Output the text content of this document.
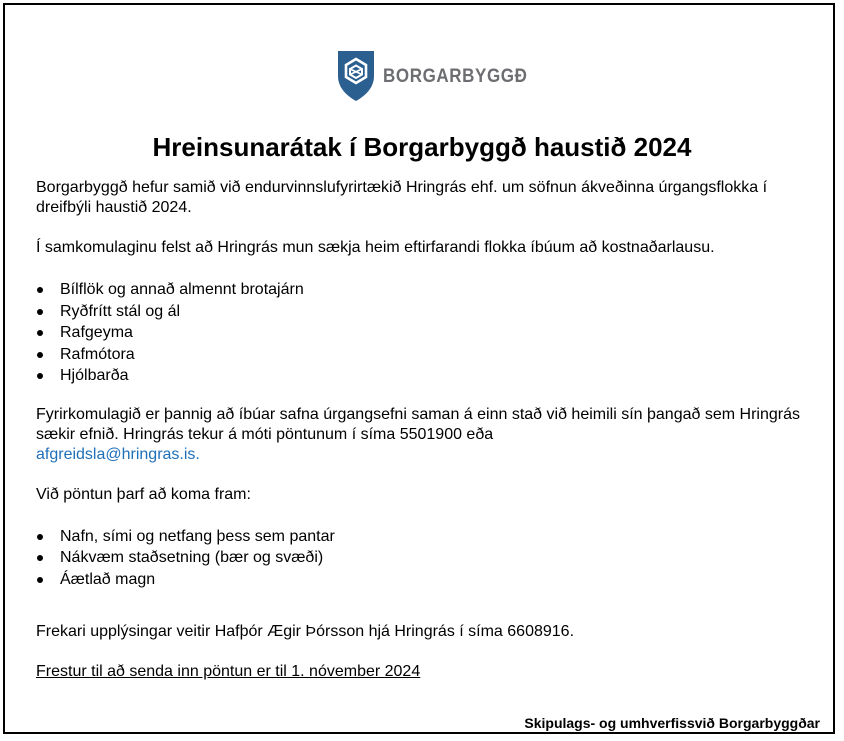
BORGARBYGGÐ
Hreinsunarátak í Borgarbyggð haustið 2024

Borgarbyggð hefur samið við endurvinnslufyrirtækið Hringrás ehf. um söfnun ákveðinna úrgangsflokka í dreifbýli haustið 2024.

Í samkomulaginu felst að Hringrás mun sækja heim eftirfarandi flokka íbúum að kostnaðarlausu.

Bílflök og annað almennt brotajárn
Ryðfrítt stál og ál
Rafgeyma
Rafmótora
Hjólbarða

Fyrirkomulagið er þannig að íbúar safna úrgangsefni saman á einn stað við heimili sín þangað sem Hringrás sækir efnið. Hringrás tekur á móti pöntunum í síma 5501900 eða
afgreidsla@hringras.is.

Við pöntun þarf að koma fram:

Nafn, sími og netfang þess sem pantar
Nákvæm staðsetning (bær og svæði)
Áætlað magn

Frekari upplýsingar veitir Hafþór Ægir Þórsson hjá Hringrás í síma 6608916.

Frestur til að senda inn pöntun er til 1. nóvember 2024

Skipulags- og umhverfissvið Borgarbyggðar
